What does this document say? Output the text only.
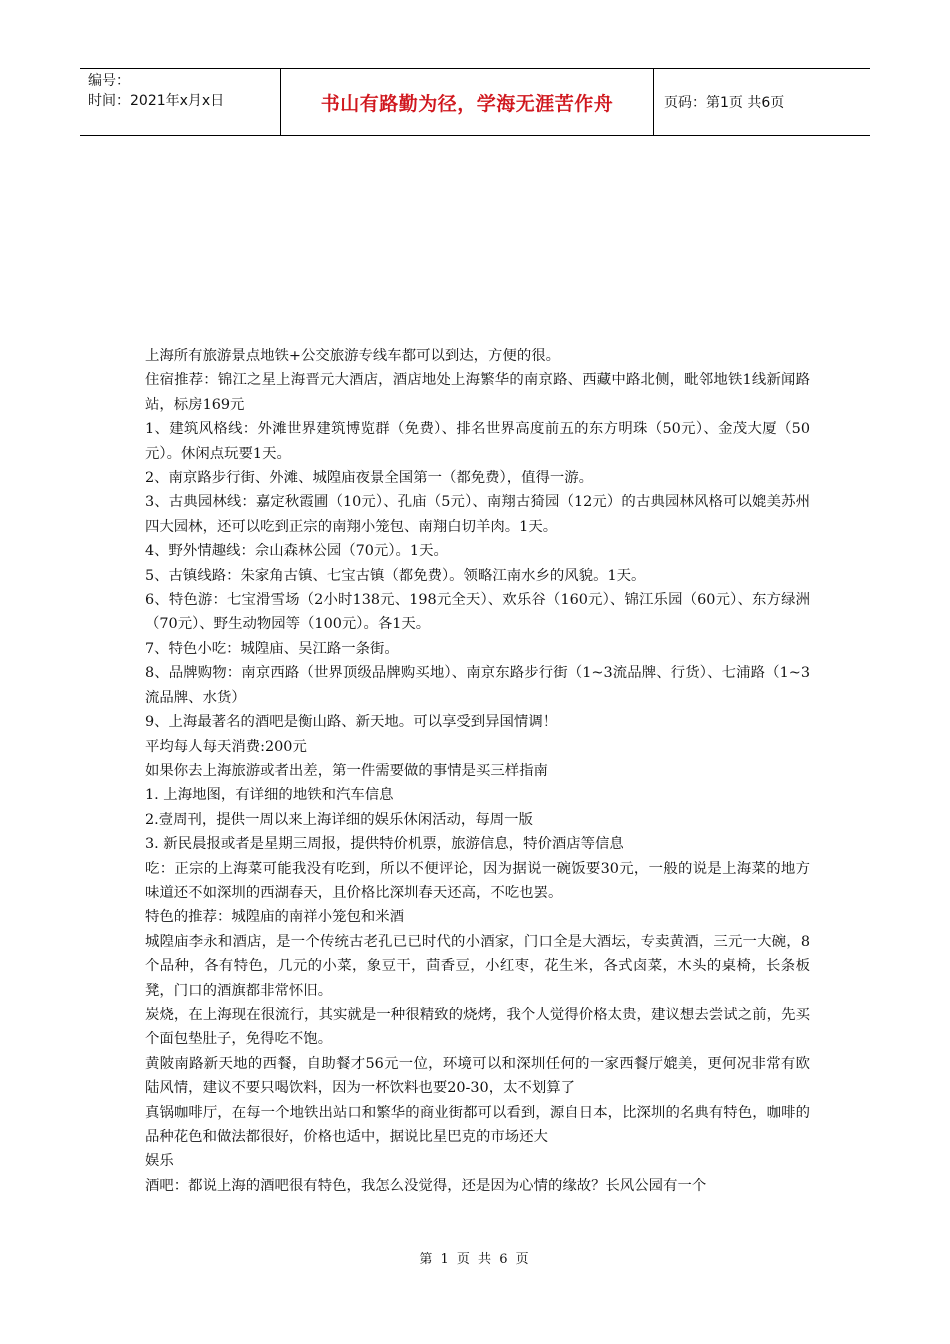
编号：
时间：2021年x月x日	书山有路勤为径，学海无涯苦作舟	页码：第1页 共6页

上海所有旅游景点地铁+公交旅游专线车都可以到达，方便的很。

住宿推荐：锦江之星上海晋元大酒店，酒店地处上海繁华的南京路、西藏中路北侧，毗邻地铁1线新闻路站，标房169元

1、建筑风格线：外滩世界建筑博览群（免费）、排名世界高度前五的东方明珠（50元）、金茂大厦（50元）。休闲点玩要1天。

2、南京路步行街、外滩、城隍庙夜景全国第一（都免费），值得一游。

3、古典园林线：嘉定秋霞圃（10元）、孔庙（5元）、南翔古猗园（12元）的古典园林风格可以媲美苏州四大园林，还可以吃到正宗的南翔小笼包、南翔白切羊肉。1天。

4、野外情趣线：佘山森林公园（70元）。1天。

5、古镇线路：朱家角古镇、七宝古镇（都免费）。领略江南水乡的风貌。1天。

6、特色游：七宝滑雪场（2小时138元、198元全天）、欢乐谷（160元）、锦江乐园（60元）、东方绿洲（70元）、野生动物园等（100元）。各1天。

7、特色小吃：城隍庙、吴江路一条街。

8、品牌购物：南京西路（世界顶级品牌购买地）、南京东路步行街（1~3流品牌、行货）、七浦路（1~3流品牌、水货）

9、上海最著名的酒吧是衡山路、新天地。可以享受到异国情调！

平均每人每天消费:200元

如果你去上海旅游或者出差，第一件需要做的事情是买三样指南

1. 上海地图，有详细的地铁和汽车信息

2.壹周刊，提供一周以来上海详细的娱乐休闲活动，每周一版

3. 新民晨报或者是星期三周报，提供特价机票，旅游信息，特价酒店等信息

吃：正宗的上海菜可能我没有吃到，所以不便评论，因为据说一碗饭要30元，一般的说是上海菜的地方味道还不如深圳的西湖春天，且价格比深圳春天还高，不吃也罢。

特色的推荐：城隍庙的南祥小笼包和米酒

城隍庙李永和酒店，是一个传统古老孔已已时代的小酒家，门口全是大酒坛，专卖黄酒，三元一大碗，8个品种，各有特色，几元的小菜，象豆干，茴香豆，小红枣，花生米，各式卤菜，木头的桌椅，长条板凳，门口的酒旗都非常怀旧。

炭烧，在上海现在很流行，其实就是一种很精致的烧烤，我个人觉得价格太贵，建议想去尝试之前，先买个面包垫肚子，免得吃不饱。

黄陂南路新天地的西餐，自助餐才56元一位，环境可以和深圳任何的一家西餐厅媲美，更何况非常有欧陆风情，建议不要只喝饮料，因为一杯饮料也要20-30，太不划算了

真锅咖啡厅，在每一个地铁出站口和繁华的商业街都可以看到，源自日本，比深圳的名典有特色，咖啡的品种花色和做法都很好，价格也适中，据说比星巴克的市场还大

娱乐

酒吧：都说上海的酒吧很有特色，我怎么没觉得，还是因为心情的缘故？长风公园有一个

第 1 页 共 6 页
